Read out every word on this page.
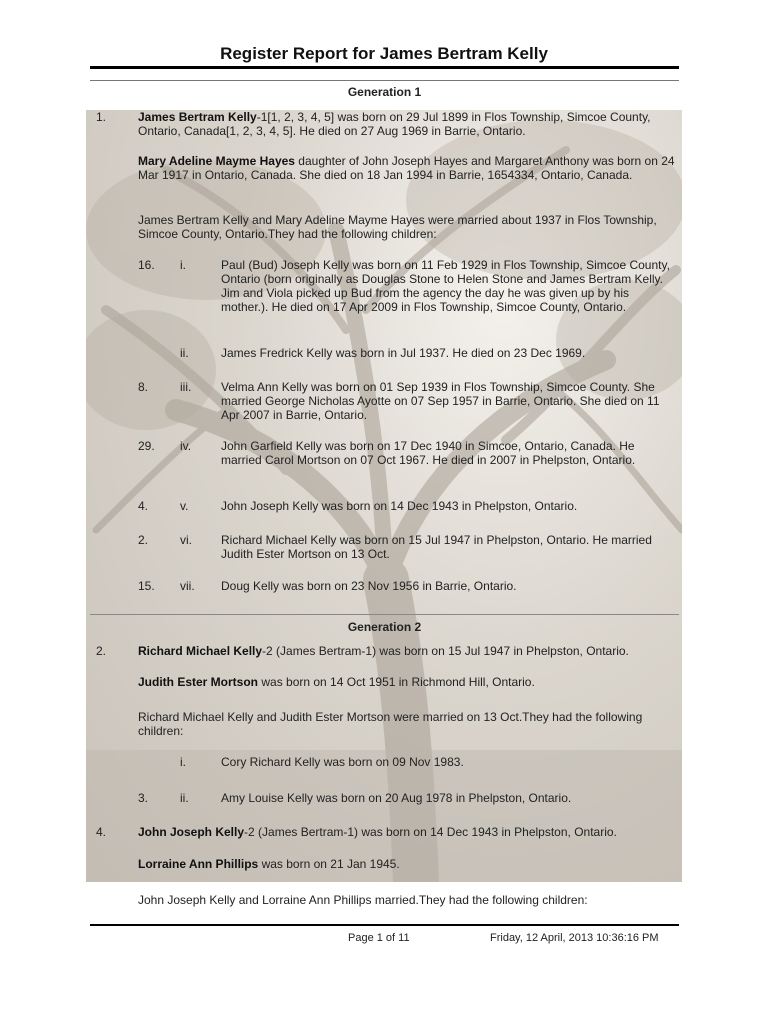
Register Report for James Bertram Kelly
Generation 1
1.	James Bertram Kelly-1[1, 2, 3, 4, 5] was born on 29 Jul 1899 in Flos Township, Simcoe County, Ontario, Canada[1, 2, 3, 4, 5]. He died on 27 Aug 1969 in Barrie, Ontario.
Mary Adeline Mayme Hayes daughter of John Joseph Hayes and Margaret Anthony was born on 24 Mar 1917 in Ontario, Canada. She died on 18 Jan 1994 in Barrie, 1654334, Ontario, Canada.
James Bertram Kelly and Mary Adeline Mayme Hayes were married about 1937 in Flos Township, Simcoe County, Ontario.They had the following children:
16. i.	Paul (Bud) Joseph Kelly was born on 11 Feb 1929 in Flos Township, Simcoe County, Ontario (born originally as Douglas Stone to Helen Stone and James Bertram Kelly. Jim and Viola picked up Bud from the agency the day he was given up by his mother.). He died on 17 Apr 2009 in Flos Township, Simcoe County, Ontario.
ii.	James Fredrick Kelly was born in Jul 1937. He died on 23 Dec 1969.
8.	iii. Velma Ann Kelly was born on 01 Sep 1939 in Flos Township, Simcoe County. She married George Nicholas Ayotte on 07 Sep 1957 in Barrie, Ontario. She died on 11 Apr 2007 in Barrie, Ontario.
29. iv. John Garfield Kelly was born on 17 Dec 1940 in Simcoe, Ontario, Canada. He married Carol Mortson on 07 Oct 1967. He died in 2007 in Phelpston, Ontario.
4.	v.	John Joseph Kelly was born on 14 Dec 1943 in Phelpston, Ontario.
2.	vi. Richard Michael Kelly was born on 15 Jul 1947 in Phelpston, Ontario. He married Judith Ester Mortson on 13 Oct.
15. vii. Doug Kelly was born on 23 Nov 1956 in Barrie, Ontario.
Generation 2
2.	Richard Michael Kelly-2 (James Bertram-1) was born on 15 Jul 1947 in Phelpston, Ontario.
Judith Ester Mortson was born on 14 Oct 1951 in Richmond Hill, Ontario.
Richard Michael Kelly and Judith Ester Mortson were married on 13 Oct.They had the following children:
i.	Cory Richard Kelly was born on 09 Nov 1983.
3.	ii.	Amy Louise Kelly was born on 20 Aug 1978 in Phelpston, Ontario.
4.	John Joseph Kelly-2 (James Bertram-1) was born on 14 Dec 1943 in Phelpston, Ontario.
Lorraine Ann Phillips was born on 21 Jan 1945.
John Joseph Kelly and Lorraine Ann Phillips married.They had the following children:
Page 1 of 11	Friday, 12 April, 2013 10:36:16 PM
